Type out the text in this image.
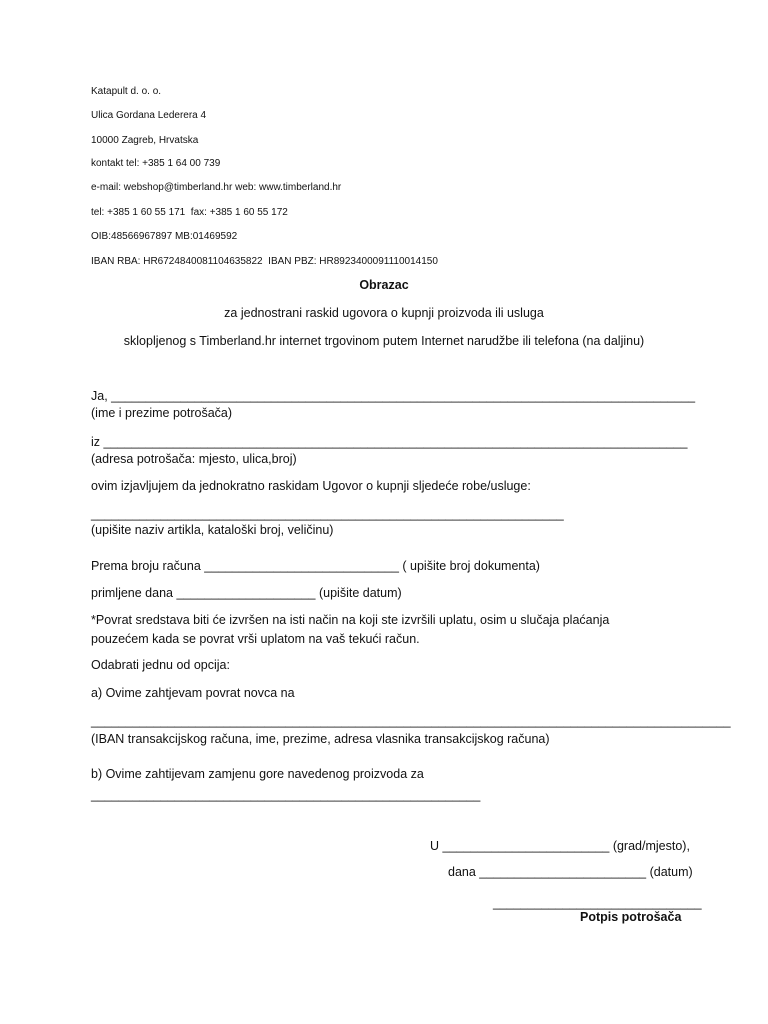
Katapult d. o. o.
Ulica Gordana Lederera 4
10000 Zagreb, Hrvatska
kontakt tel: +385 1 64 00 739
e-mail: webshop@timberland.hr web: www.timberland.hr
tel: +385 1 60 55 171  fax: +385 1 60 55 172
OIB:48566967897 MB:01469592
IBAN RBA: HR6724840081104635822  IBAN PBZ: HR8923400091110014150
Obrazac
za jednostrani raskid ugovora o kupnji proizvoda ili usluga
sklopljenog s Timberland.hr internet trgovinom putem Internet narudžbe ili telefona (na daljinu)
Ja, ____________________________________________________________________________________
(ime i prezime potrošača)
iz ____________________________________________________________________________________
(adresa potrošača: mjesto, ulica,broj)
ovim izjavljujem da jednokratno raskidam Ugovor o kupnji sljedeće robe/usluge:
____________________________________________________________________
(upišite naziv artikla, kataloški broj, veličinu)
Prema broju računa ____________________________ ( upišite broj dokumenta)
primljene dana ____________________ (upišite datum)
*Povrat sredstava biti će izvršen na isti način na koji ste izvršili uplatu, osim u slučaja plaćanja
pouzećem kada se povrat vrši uplatom na vaš tekući račun.
Odabrati jednu od opcija:
a) Ovime zahtjevam povrat novca na
____________________________________________________________________________________________
(IBAN transakcijskog računa, ime, prezime, adresa vlasnika transakcijskog računa)
b) Ovime zahtijevam zamjenu gore navedenog proizvoda za
________________________________________________________
U ________________________ (grad/mjesto),
dana ________________________ (datum)
______________________________
Potpis potrošača
